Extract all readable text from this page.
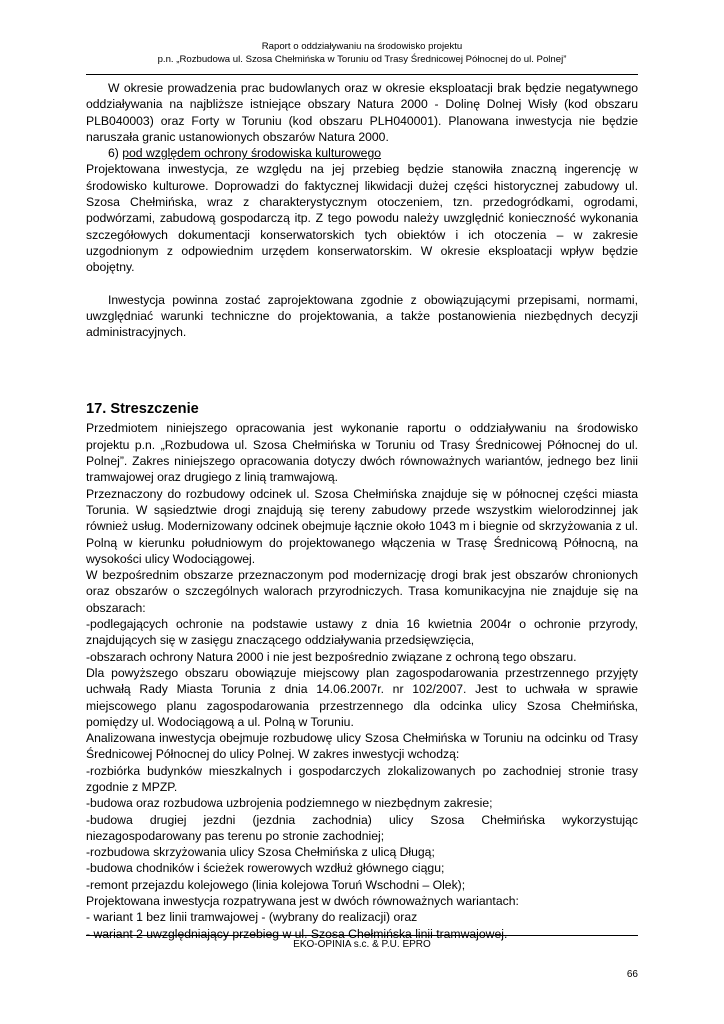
Raport o oddziaływaniu na środowisko projektu
p.n. „Rozbudowa ul. Szosa Chełmińska w Toruniu od Trasy Średnicowej Północnej do ul. Polnej”

W okresie prowadzenia prac budowlanych oraz w okresie eksploatacji brak będzie negatywnego oddziaływania na najbliższe istniejące obszary Natura 2000 - Dolinę Dolnej Wisły (kod obszaru PLB040003) oraz Forty w Toruniu (kod obszaru PLH040001). Planowana inwestycja nie będzie naruszała granic ustanowionych obszarów Natura 2000.

6) pod względem ochrony środowiska kulturowego

Projektowana inwestycja, ze względu na jej przebieg będzie stanowiła znaczną ingerencję w środowisko kulturowe. Doprowadzi do faktycznej likwidacji dużej części historycznej zabudowy ul. Szosa Chełmińska, wraz z charakterystycznym otoczeniem, tzn. przedogródkami, ogrodami, podwórzami, zabudową gospodarczą itp. Z tego powodu należy uwzględnić konieczność wykonania szczegółowych dokumentacji konserwatorskich tych obiektów i ich otoczenia – w zakresie uzgodnionym z odpowiednim urzędem konserwatorskim. W okresie eksploatacji wpływ będzie obojętny.

Inwestycja powinna zostać zaprojektowana zgodnie z obowiązującymi przepisami, normami, uwzględniać warunki techniczne do projektowania, a także postanowienia niezbędnych decyzji administracyjnych.

17. Streszczenie

Przedmiotem niniejszego opracowania jest wykonanie raportu o oddziaływaniu na środowisko projektu p.n. „Rozbudowa ul. Szosa Chełmińska w Toruniu od Trasy Średnicowej Północnej do ul. Polnej”. Zakres niniejszego opracowania dotyczy dwóch równoważnych wariantów, jednego bez linii tramwajowej oraz drugiego z linią tramwajową.

Przeznaczony do rozbudowy odcinek ul. Szosa Chełmińska znajduje się w północnej części miasta Torunia. W sąsiedztwie drogi znajdują się tereny zabudowy przede wszystkim wielorodzinnej jak również usług. Modernizowany odcinek obejmuje łącznie około 1043 m i biegnie od skrzyżowania z ul. Polną w kierunku południowym do projektowanego włączenia w Trasę Średnicową Północną, na wysokości ulicy Wodociągowej.

W bezpośrednim obszarze przeznaczonym pod modernizację drogi brak jest obszarów chronionych oraz obszarów o szczególnych walorach przyrodniczych. Trasa komunikacyjna nie znajduje się na obszarach:

-podlegających ochronie na podstawie ustawy z dnia 16 kwietnia 2004r o ochronie przyrody, znajdujących się w zasięgu znaczącego oddziaływania przedsięwzięcia,

-obszarach ochrony Natura 2000 i nie jest bezpośrednio związane z ochroną tego obszaru.

Dla powyższego obszaru obowiązuje miejscowy plan zagospodarowania przestrzennego przyjęty uchwałą Rady Miasta Torunia z dnia 14.06.2007r. nr 102/2007. Jest to uchwała w sprawie miejscowego planu zagospodarowania przestrzennego dla odcinka ulicy Szosa Chełmińska, pomiędzy ul. Wodociągową a ul. Polną w Toruniu.

Analizowana inwestycja obejmuje rozbudowę ulicy Szosa Chełmińska w Toruniu na odcinku od Trasy Średnicowej Północnej do ulicy Polnej. W zakres inwestycji wchodzą:

-rozbiórka budynków mieszkalnych i gospodarczych zlokalizowanych po zachodniej stronie trasy zgodnie z MPZP.

-budowa oraz rozbudowa uzbrojenia podziemnego w niezbędnym zakresie;

-budowa drugiej jezdni (jezdnia zachodnia) ulicy Szosa Chełmińska wykorzystując niezagospodarowany pas terenu po stronie zachodniej;

-rozbudowa skrzyżowania ulicy Szosa Chełmińska z ulicą Długą;

-budowa chodników i ścieżek rowerowych wzdłuż głównego ciągu;

-remont przejazdu kolejowego (linia kolejowa Toruń Wschodni – Olek);

Projektowana inwestycja rozpatrywana jest w dwóch równoważnych wariantach:

- wariant 1 bez linii tramwajowej - (wybrany do realizacji) oraz

- wariant 2 uwzględniający przebieg w ul. Szosa Chełmińska linii tramwajowej.

EKO-OPINIA s.c. & P.U. EPRO
66
